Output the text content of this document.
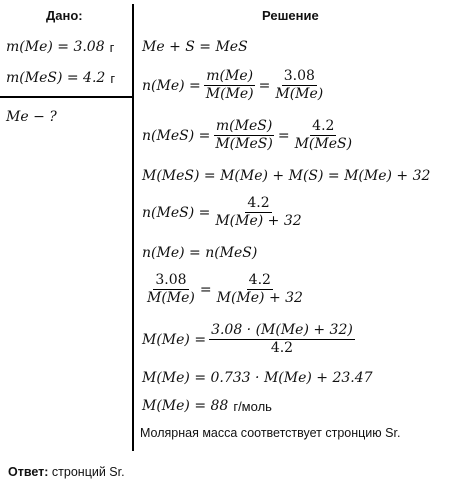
Дано:	Решение
m(Me) = 3.08 г
m(MeS) = 4.2 г
Me − ?
Me + S = MeS
$n(Me) = \frac{m(Me)}{M(Me)} = \frac{3.08}{M(Me)}$
n(MeS) =
m(MeS)
M(MeS)
=
4.2
M(MeS)
M(MeS) = M(Me) + M(S) = M(Me) + 32
$n(MeS) = \frac{4.2}{M(Me) + 32}$
n(Me) = n(MeS)
$\frac{3.08}{M(Me)} = \frac{4.2}{M(Me) + 32}$
$M(Me) = \frac{3.08 \cdot (M(Me) + 32)}{4.2}$
M(Me) = 0.733 · M(Me) + 23.47
M(Me) = 88 г/моль
Молярная масса соответствует стронцию Sr.
Ответ: стронций Sr.
